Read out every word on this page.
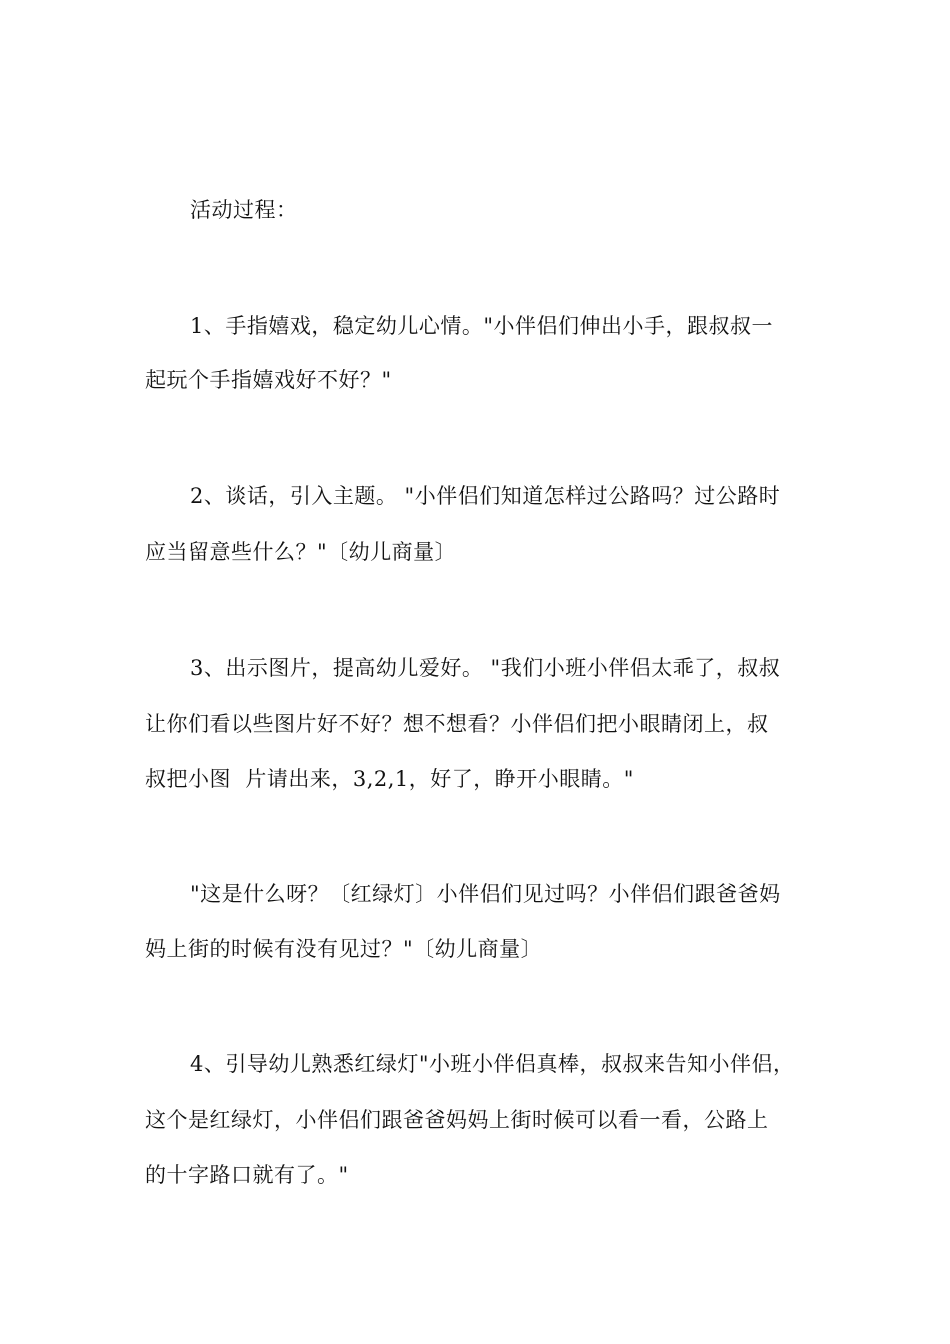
活动过程：
1、手指嬉戏，稳定幼儿心情。"小伴侣们伸出小手，跟叔叔一
起玩个手指嬉戏好不好？"
2、谈话，引入主题。 "小伴侣们知道怎样过公路吗？过公路时
应当留意些什么？"〔幼儿商量〕
3、出示图片，提高幼儿爱好。 "我们小班小伴侣太乖了，叔叔
让你们看以些图片好不好？想不想看？小伴侣们把小眼睛闭上，叔
叔把小图  片请出来，3,2,1，好了，睁开小眼睛。"
"这是什么呀？〔红绿灯〕小伴侣们见过吗？小伴侣们跟爸爸妈
妈上街的时候有没有见过？"〔幼儿商量〕
4、引导幼儿熟悉红绿灯"小班小伴侣真棒，叔叔来告知小伴侣，
这个是红绿灯，小伴侣们跟爸爸妈妈上街时候可以看一看，公路上
的十字路口就有了。"
